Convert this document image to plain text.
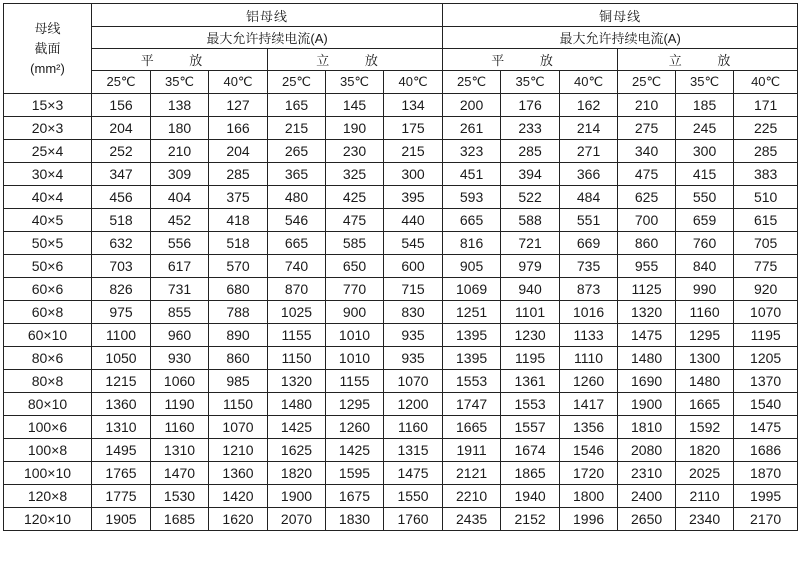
母线
截面
(mm²)	铝母线						铜母线					
	最大允许持续电流(A)						最大允许持续电流(A)					
	平 放			立 放			平 放			立 放		
	25℃	35℃	40℃	25℃	35℃	40℃	25℃	35℃	40℃	25℃	35℃	40℃
15×3	156	138	127	165	145	134	200	176	162	210	185	171
20×3	204	180	166	215	190	175	261	233	214	275	245	225
25×4	252	210	204	265	230	215	323	285	271	340	300	285
30×4	347	309	285	365	325	300	451	394	366	475	415	383
40×4	456	404	375	480	425	395	593	522	484	625	550	510
40×5	518	452	418	546	475	440	665	588	551	700	659	615
50×5	632	556	518	665	585	545	816	721	669	860	760	705
50×6	703	617	570	740	650	600	905	979	735	955	840	775
60×6	826	731	680	870	770	715	1069	940	873	1125	990	920
60×8	975	855	788	1025	900	830	1251	1101	1016	1320	1160	1070
60×10	1100	960	890	1155	1010	935	1395	1230	1133	1475	1295	1195
80×6	1050	930	860	1150	1010	935	1395	1195	1110	1480	1300	1205
80×8	1215	1060	985	1320	1155	1070	1553	1361	1260	1690	1480	1370
80×10	1360	1190	1150	1480	1295	1200	1747	1553	1417	1900	1665	1540
100×6	1310	1160	1070	1425	1260	1160	1665	1557	1356	1810	1592	1475
100×8	1495	1310	1210	1625	1425	1315	1911	1674	1546	2080	1820	1686
100×10	1765	1470	1360	1820	1595	1475	2121	1865	1720	2310	2025	1870
120×8	1775	1530	1420	1900	1675	1550	2210	1940	1800	2400	2110	1995
120×10	1905	1685	1620	2070	1830	1760	2435	2152	1996	2650	2340	2170
